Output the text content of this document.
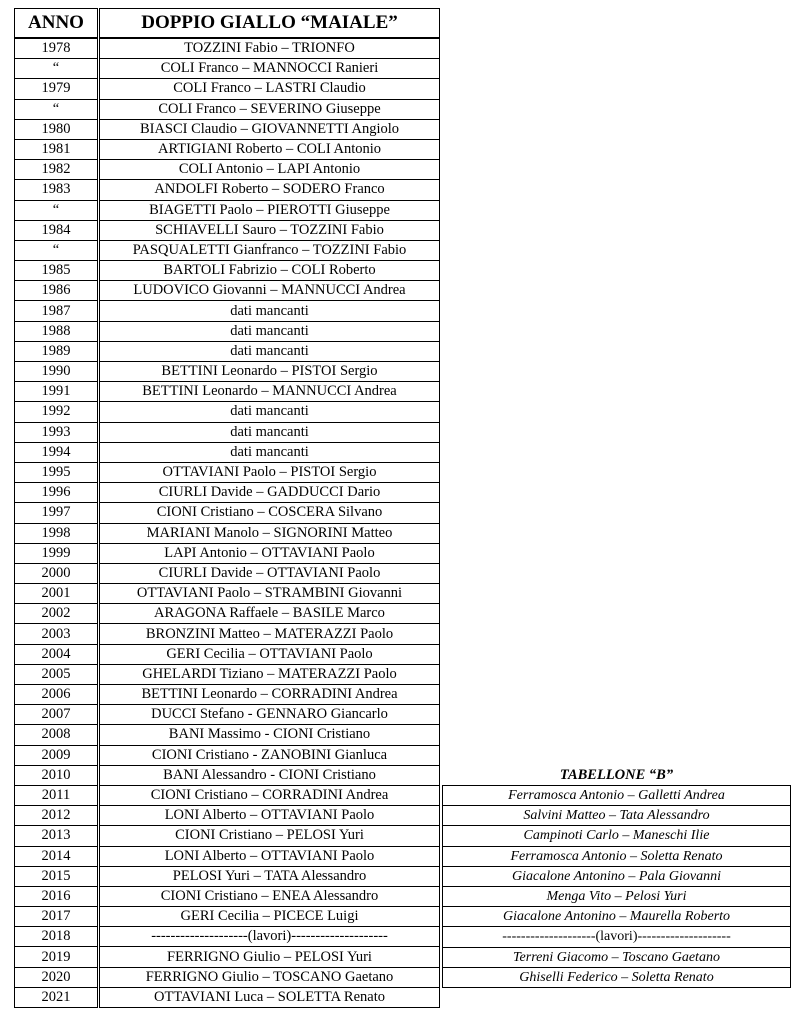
ANNO	DOPPIO GIALLO “MAIALE”
1978	TOZZINI Fabio – TRIONFO
“	COLI Franco – MANNOCCI Ranieri
1979	COLI Franco – LASTRI Claudio
“	COLI Franco – SEVERINO Giuseppe
1980	BIASCI Claudio – GIOVANNETTI Angiolo
1981	ARTIGIANI Roberto – COLI Antonio
1982	COLI Antonio – LAPI Antonio
1983	ANDOLFI Roberto – SODERO Franco
“	BIAGETTI Paolo – PIEROTTI Giuseppe
1984	SCHIAVELLI Sauro – TOZZINI Fabio
“	PASQUALETTI Gianfranco – TOZZINI Fabio
1985	BARTOLI Fabrizio – COLI Roberto
1986	LUDOVICO Giovanni – MANNUCCI Andrea
1987	dati mancanti
1988	dati mancanti
1989	dati mancanti
1990	BETTINI Leonardo – PISTOI Sergio
1991	BETTINI Leonardo – MANNUCCI Andrea
1992	dati mancanti
1993	dati mancanti
1994	dati mancanti
1995	OTTAVIANI Paolo – PISTOI Sergio
1996	CIURLI Davide – GADDUCCI Dario
1997	CIONI Cristiano – COSCERA Silvano
1998	MARIANI Manolo – SIGNORINI Matteo
1999	LAPI Antonio – OTTAVIANI Paolo
2000	CIURLI Davide – OTTAVIANI Paolo
2001	OTTAVIANI Paolo – STRAMBINI Giovanni
2002	ARAGONA Raffaele – BASILE Marco
2003	BRONZINI Matteo – MATERAZZI Paolo
2004	GERI Cecilia – OTTAVIANI Paolo
2005	GHELARDI Tiziano – MATERAZZI Paolo
2006	BETTINI Leonardo – CORRADINI Andrea
2007	DUCCI Stefano - GENNARO Giancarlo
2008	BANI Massimo - CIONI Cristiano
2009	CIONI Cristiano - ZANOBINI Gianluca
2010	BANI Alessandro - CIONI Cristiano
2011	CIONI Cristiano – CORRADINI Andrea
2012	LONI Alberto – OTTAVIANI Paolo
2013	CIONI Cristiano – PELOSI Yuri
2014	LONI Alberto – OTTAVIANI Paolo
2015	PELOSI Yuri – TATA Alessandro
2016	CIONI Cristiano – ENEA Alessandro
2017	GERI Cecilia – PICECE Luigi
2018	--------------------(lavori)--------------------
2019	FERRIGNO Giulio – PELOSI Yuri
2020	FERRIGNO Giulio – TOSCANO Gaetano
2021	OTTAVIANI Luca – SOLETTA Renato
TABELLONE “B”
Ferramosca Antonio – Galletti Andrea
Salvini Matteo – Tata Alessandro
Campinoti Carlo – Maneschi Ilie
Ferramosca Antonio – Soletta Renato
Giacalone Antonino – Pala Giovanni
Menga Vito – Pelosi Yuri
Giacalone Antonino – Maurella Roberto
--------------------(lavori)--------------------
Terreni Giacomo – Toscano Gaetano
Ghiselli Federico – Soletta Renato
